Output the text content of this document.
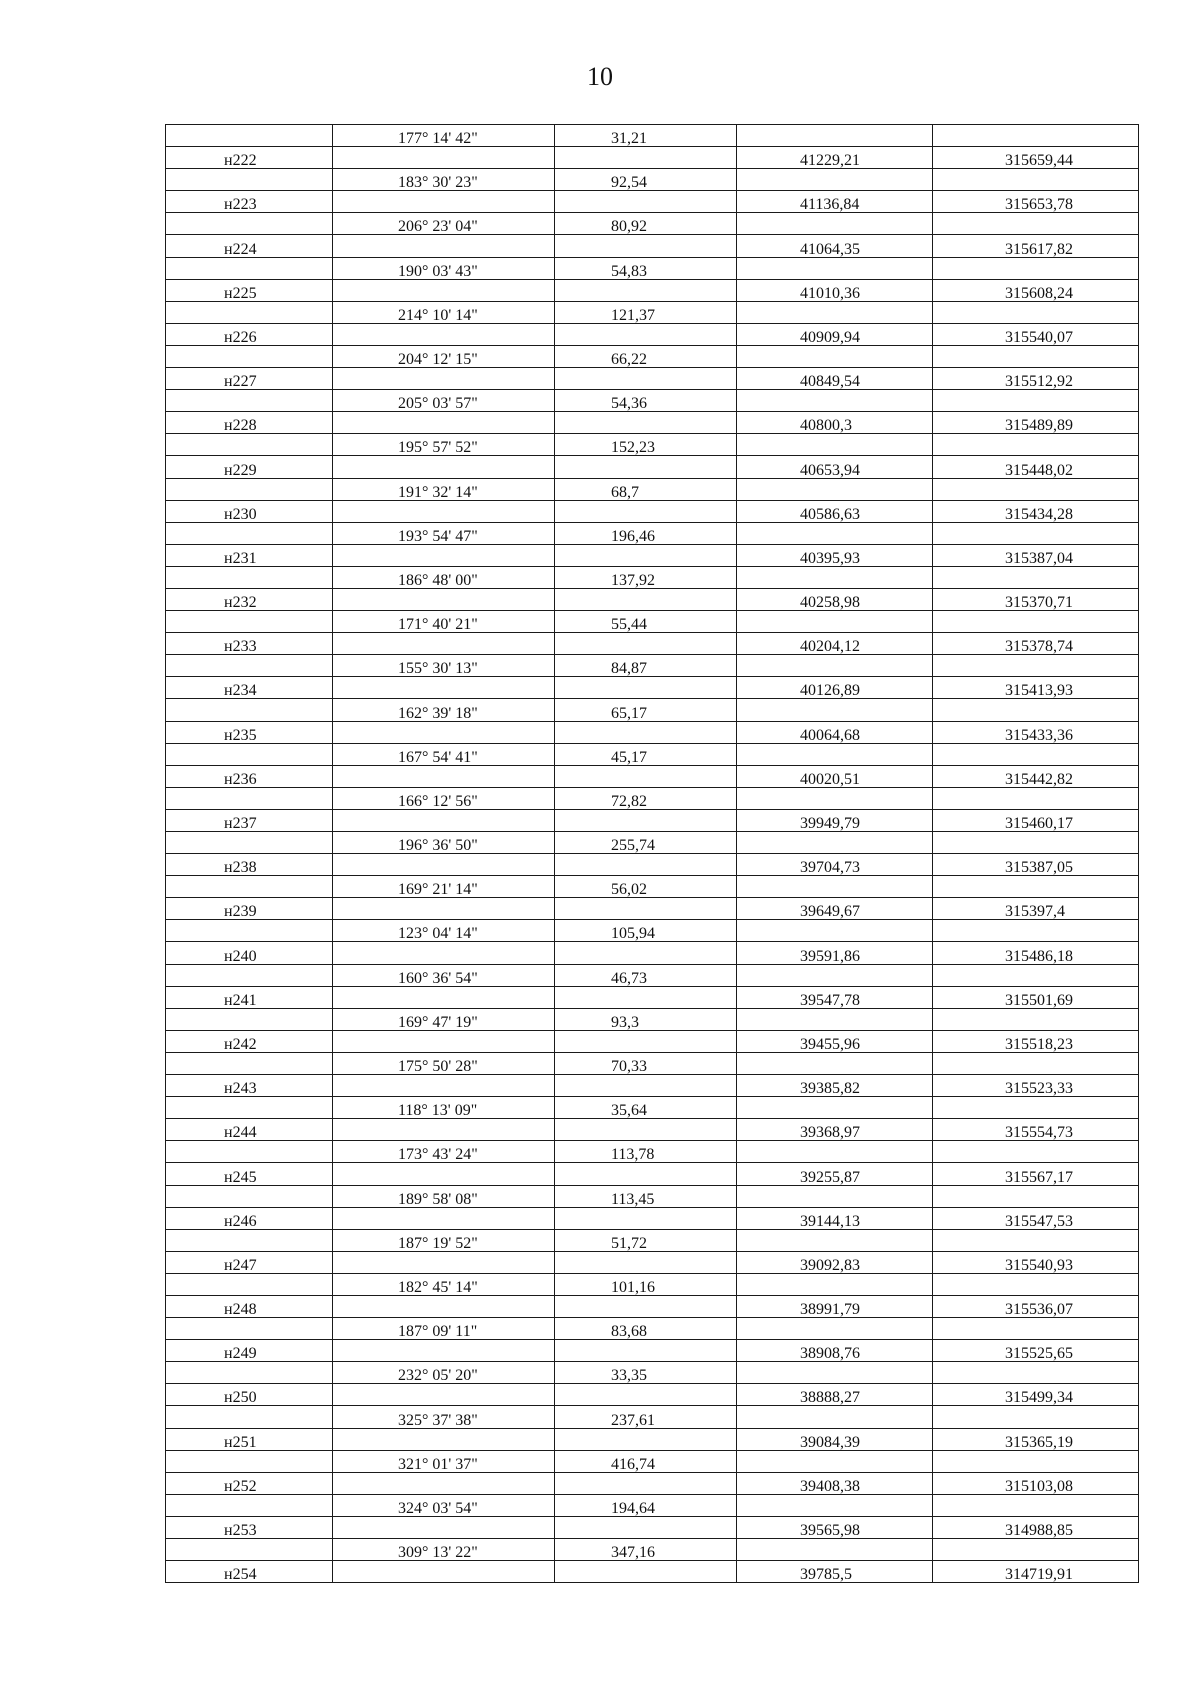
10
	177° 14' 42"	31,21		
н222			41229,21	315659,44
	183° 30' 23"	92,54		
н223			41136,84	315653,78
	206° 23' 04"	80,92		
н224			41064,35	315617,82
	190° 03' 43"	54,83		
н225			41010,36	315608,24
	214° 10' 14"	121,37		
н226			40909,94	315540,07
	204° 12' 15"	66,22		
н227			40849,54	315512,92
	205° 03' 57"	54,36		
н228			40800,3	315489,89
	195° 57' 52"	152,23		
н229			40653,94	315448,02
	191° 32' 14"	68,7		
н230			40586,63	315434,28
	193° 54' 47"	196,46		
н231			40395,93	315387,04
	186° 48' 00"	137,92		
н232			40258,98	315370,71
	171° 40' 21"	55,44		
н233			40204,12	315378,74
	155° 30' 13"	84,87		
н234			40126,89	315413,93
	162° 39' 18"	65,17		
н235			40064,68	315433,36
	167° 54' 41"	45,17		
н236			40020,51	315442,82
	166° 12' 56"	72,82		
н237			39949,79	315460,17
	196° 36' 50"	255,74		
н238			39704,73	315387,05
	169° 21' 14"	56,02		
н239			39649,67	315397,4
	123° 04' 14"	105,94		
н240			39591,86	315486,18
	160° 36' 54"	46,73		
н241			39547,78	315501,69
	169° 47' 19"	93,3		
н242			39455,96	315518,23
	175° 50' 28"	70,33		
н243			39385,82	315523,33
	118° 13' 09"	35,64		
н244			39368,97	315554,73
	173° 43' 24"	113,78		
н245			39255,87	315567,17
	189° 58' 08"	113,45		
н246			39144,13	315547,53
	187° 19' 52"	51,72		
н247			39092,83	315540,93
	182° 45' 14"	101,16		
н248			38991,79	315536,07
	187° 09' 11"	83,68		
н249			38908,76	315525,65
	232° 05' 20"	33,35		
н250			38888,27	315499,34
	325° 37' 38"	237,61		
н251			39084,39	315365,19
	321° 01' 37"	416,74		
н252			39408,38	315103,08
	324° 03' 54"	194,64		
н253			39565,98	314988,85
	309° 13' 22"	347,16		
н254			39785,5	314719,91
